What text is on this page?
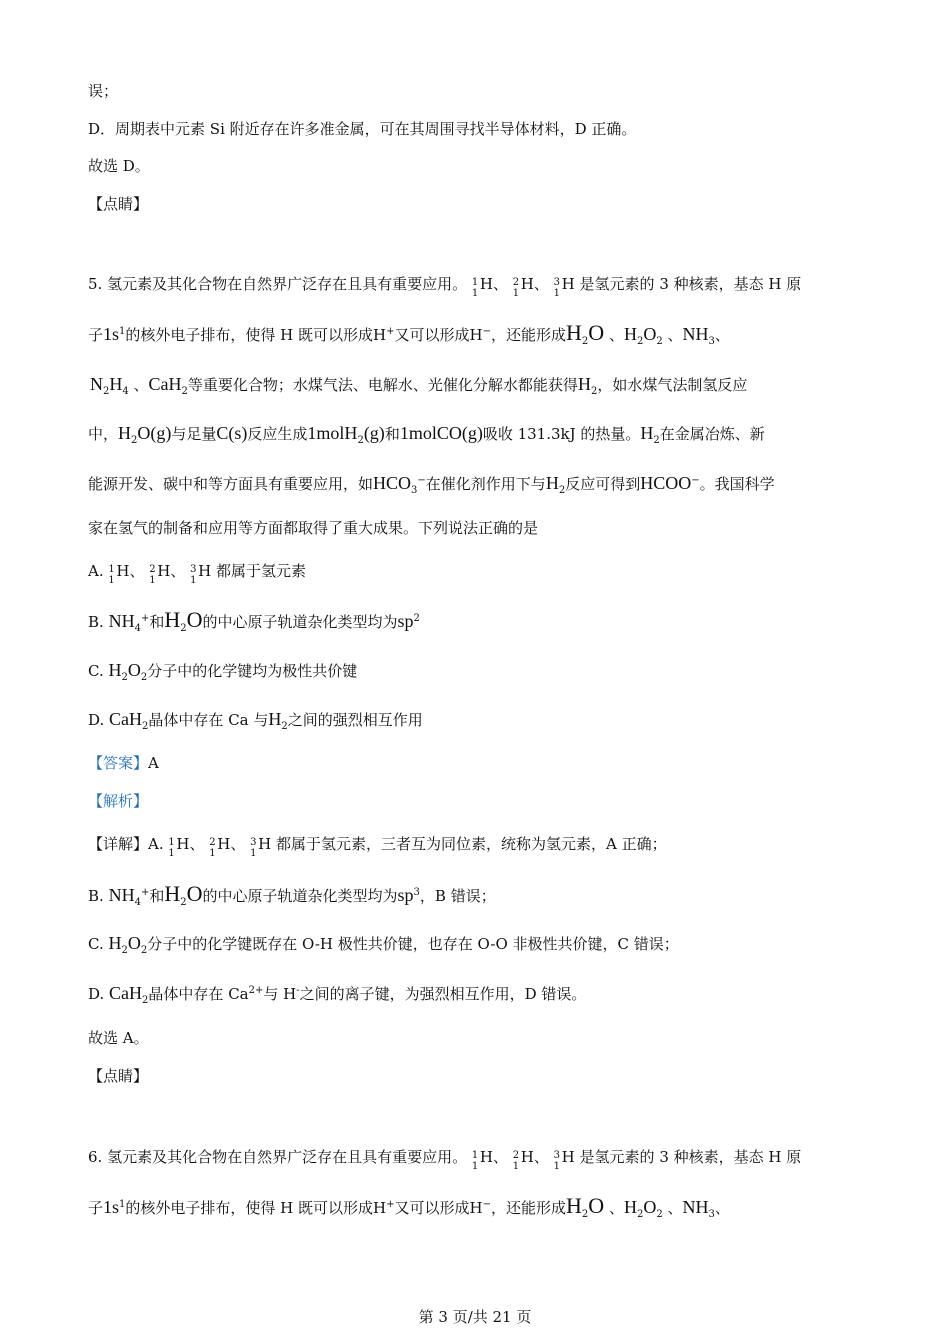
误；
D．周期表中元素 Si 附近存在许多准金属，可在其周围寻找半导体材料，D 正确。
故选 D。
【点睛】
5. 氢元素及其化合物在自然界广泛存在且具有重要应用。 1
1
H、 2
1
H、 3
1
H 是氢元素的 3 种核素，基态 H 原
子$1s^1$的核外电子排布，使得 H 既可以形成H+又可以形成H−，还能形成$H_2O$ 、$H_2O_2$ 、$NH_3$、
$N_2H_4$ 、CaH$_2$等重要化合物；水煤气法、电解水、光催化分解水都能获得$H_2$，如水煤气法制氢反应
中，$H_2O(g)$与足量C(s)反应生成1molH$_2$(g)和1molCO(g)吸收 131.3kJ 的热量。$H_2$在金属冶炼、新
能源开发、碳中和等方面具有重要应用，如$HCO_3^-$在催化剂作用下与$H_2$反应可得到HCOO−。我国科学
家在氢气的制备和应用等方面都取得了重大成果。下列说法正确的是
A. 1
1
H、 2
1
H、 3
1
H 都属于氢元素
B. $NH_4^+$和$H_2O$的中心原子轨道杂化类型均为$sp^2$
C. $H_2O_2$分子中的化学键均为极性共价键
D. CaH$_2$晶体中存在 Ca 与$H_2$之间的强烈相互作用
【答案】A
【解析】
【详解】A. 1
1
H、 2
1
H、 3
1
H 都属于氢元素，三者互为同位素，统称为氢元素，A 正确；
B. $NH_4^+$和$H_2O$的中心原子轨道杂化类型均为$sp^3$，B 错误；
C. $H_2O_2$分子中的化学键既存在 O-H 极性共价键，也存在 O-O 非极性共价键，C 错误；
D. CaH$_2$晶体中存在 $Ca^{2+}$与 H-之间的离子键，为强烈相互作用，D 错误。
故选 A。
【点睛】
6. 氢元素及其化合物在自然界广泛存在且具有重要应用。 1
1
H、 2
1
H、 3
1
H 是氢元素的 3 种核素，基态 H 原
子$1s^1$的核外电子排布，使得 H 既可以形成H+又可以形成H−，还能形成$H_2O$ 、$H_2O_2$ 、$NH_3$、
第 3 页/共 21 页
